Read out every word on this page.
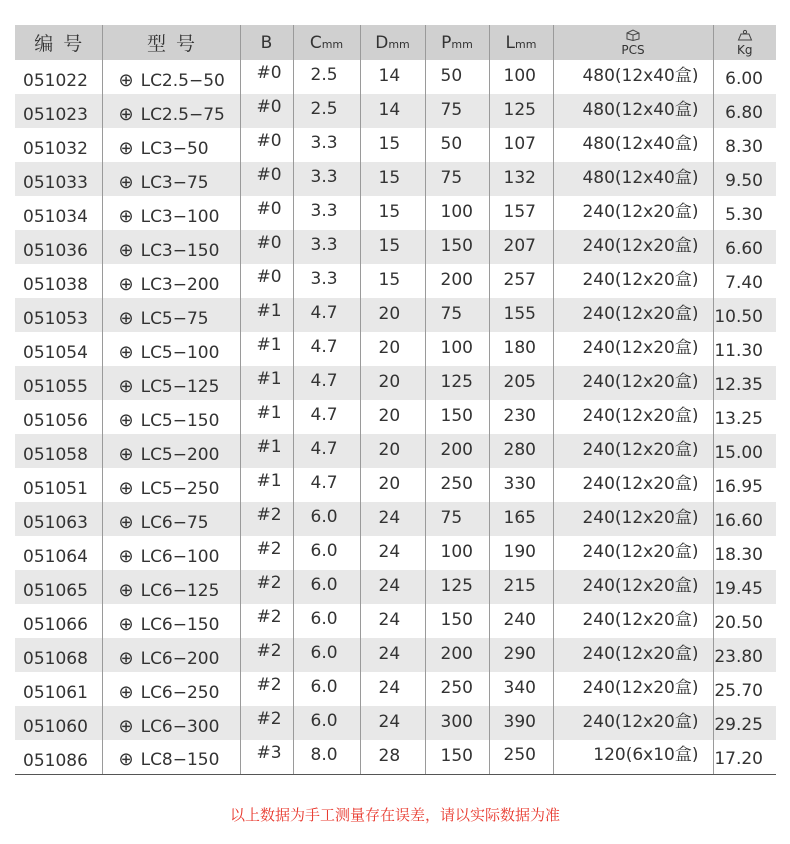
编号	型号	B	Cmm	Dmm	Pmm	Lmm	PCS	Kg
051022	⊕ LC2.5−50	#0	2.5	14	50	100	480(12x40盒)	6.00
051023	⊕ LC2.5−75	#0	2.5	14	75	125	480(12x40盒)	6.80
051032	⊕ LC3−50	#0	3.3	15	50	107	480(12x40盒)	8.30
051033	⊕ LC3−75	#0	3.3	15	75	132	480(12x40盒)	9.50
051034	⊕ LC3−100	#0	3.3	15	100	157	240(12x20盒)	5.30
051036	⊕ LC3−150	#0	3.3	15	150	207	240(12x20盒)	6.60
051038	⊕ LC3−200	#0	3.3	15	200	257	240(12x20盒)	7.40
051053	⊕ LC5−75	#1	4.7	20	75	155	240(12x20盒)	10.50
051054	⊕ LC5−100	#1	4.7	20	100	180	240(12x20盒)	11.30
051055	⊕ LC5−125	#1	4.7	20	125	205	240(12x20盒)	12.35
051056	⊕ LC5−150	#1	4.7	20	150	230	240(12x20盒)	13.25
051058	⊕ LC5−200	#1	4.7	20	200	280	240(12x20盒)	15.00
051051	⊕ LC5−250	#1	4.7	20	250	330	240(12x20盒)	16.95
051063	⊕ LC6−75	#2	6.0	24	75	165	240(12x20盒)	16.60
051064	⊕ LC6−100	#2	6.0	24	100	190	240(12x20盒)	18.30
051065	⊕ LC6−125	#2	6.0	24	125	215	240(12x20盒)	19.45
051066	⊕ LC6−150	#2	6.0	24	150	240	240(12x20盒)	20.50
051068	⊕ LC6−200	#2	6.0	24	200	290	240(12x20盒)	23.80
051061	⊕ LC6−250	#2	6.0	24	250	340	240(12x20盒)	25.70
051060	⊕ LC6−300	#2	6.0	24	300	390	240(12x20盒)	29.25
051086	⊕ LC8−150	#3	8.0	28	150	250	120(6x10盒)	17.20
以上数据为手工测量存在误差，请以实际数据为准
